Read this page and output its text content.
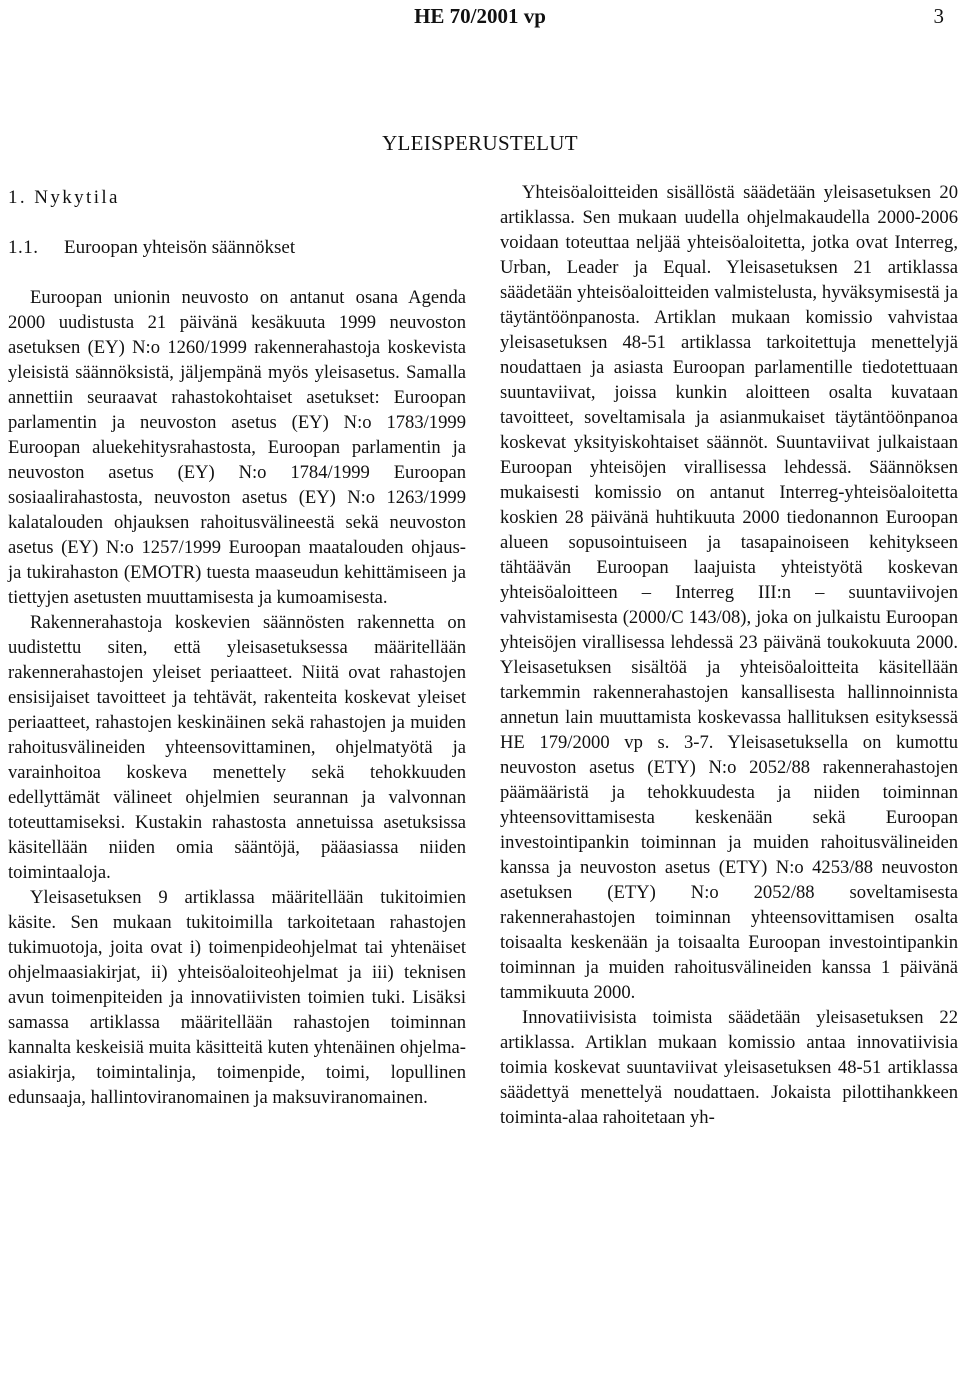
HE 70/2001 vp	3
YLEISPERUSTELUT

1. Nykytila

1.1. Euroopan yhteisön säännökset

Euroopan unionin neuvosto on antanut osana Agenda 2000 uudistusta 21 päivänä kesäkuuta 1999 neuvoston asetuksen (EY) N:o 1260/1999 rakennerahastoja koskevista yleisistä säännöksistä, jäljempänä myös yleisasetus. Samalla annettiin seuraavat rahastokohtaiset asetukset: Euroopan parlamentin ja neuvoston asetus (EY) N:o 1783/1999 Euroopan aluekehitysrahastosta, Euroopan parlamentin ja neuvoston asetus (EY) N:o 1784/1999 Euroopan sosiaalirahastosta, neuvoston asetus (EY) N:o 1263/1999 kalatalouden ohjauksen rahoitusvälineestä sekä neuvoston asetus (EY) N:o 1257/1999 Euroopan maatalouden ohjaus- ja tukirahaston (EMOTR) tuesta maaseudun kehittämiseen ja tiettyjen asetusten muuttamisesta ja kumoamisesta.

Rakennerahastoja koskevien säännösten rakennetta on uudistettu siten, että yleisasetuksessa määritellään rakennerahastojen yleiset periaatteet. Niitä ovat rahastojen ensisijaiset tavoitteet ja tehtävät, rakenteita koskevat yleiset periaatteet, rahastojen keskinäinen sekä rahastojen ja muiden rahoitusvälineiden yhteensovittaminen, ohjelmatyötä ja varainhoitoa koskeva menettely sekä tehokkuuden edellyttämät välineet ohjelmien seurannan ja valvonnan toteuttamiseksi. Kustakin rahastosta annetuissa asetuksissa käsitellään niiden omia sääntöjä, pääasiassa niiden toimintaaloja.

Yleisasetuksen 9 artiklassa määritellään tukitoimien käsite. Sen mukaan tukitoimilla tarkoitetaan rahastojen tukimuotoja, joita ovat i) toimenpideohjelmat tai yhtenäiset ohjelmaasiakirjat, ii) yhteisöaloiteohjelmat ja iii) teknisen avun toimenpiteiden ja innovatiivisten toimien tuki. Lisäksi samassa artiklassa määritellään rahastojen toiminnan kannalta keskeisiä muita käsitteitä kuten yhtenäinen ohjelma-asiakirja, toimintalinja, toimenpide, toimi, lopullinen edunsaaja, hallintoviranomainen ja maksuviranomainen.

Yhteisöaloitteiden sisällöstä säädetään yleisasetuksen 20 artiklassa. Sen mukaan uudella ohjelmakaudella 2000-2006 voidaan toteuttaa neljää yhteisöaloitetta, jotka ovat Interreg, Urban, Leader ja Equal. Yleisasetuksen 21 artiklassa säädetään yhteisöaloitteiden valmistelusta, hyväksymisestä ja täytäntöönpanosta. Artiklan mukaan komissio vahvistaa yleisasetuksen 48-51 artiklassa tarkoitettuja menettelyjä noudattaen ja asiasta Euroopan parlamentille tiedotettuaan suuntaviivat, joissa kunkin aloitteen osalta kuvataan tavoitteet, soveltamisala ja asianmukaiset täytäntöönpanoa koskevat yksityiskohtaiset säännöt. Suuntaviivat julkaistaan Euroopan yhteisöjen virallisessa lehdessä. Säännöksen mukaisesti komissio on antanut Interreg-yhteisöaloitetta koskien 28 päivänä huhtikuuta 2000 tiedonannon Euroopan alueen sopusointuiseen ja tasapainoiseen kehitykseen tähtäävän Euroopan laajuista yhteistyötä koskevan yhteisöaloitteen – Interreg III:n – suuntaviivojen vahvistamisesta (2000/C 143/08), joka on julkaistu Euroopan yhteisöjen virallisessa lehdessä 23 päivänä toukokuuta 2000. Yleisasetuksen sisältöä ja yhteisöaloitteita käsitellään tarkemmin rakennerahastojen kansallisesta hallinnoinnista annetun lain muuttamista koskevassa hallituksen esityksessä HE 179/2000 vp s. 3-7. Yleisasetuksella on kumottu neuvoston asetus (ETY) N:o 2052/88 rakennerahastojen päämääristä ja tehokkuudesta ja niiden toiminnan yhteensovittamisesta keskenään sekä Euroopan investointipankin toiminnan ja muiden rahoitusvälineiden kanssa ja neuvoston asetus (ETY) N:o 4253/88 neuvoston asetuksen (ETY) N:o 2052/88 soveltamisesta rakennerahastojen toiminnan yhteensovittamisen osalta toisaalta keskenään ja toisaalta Euroopan investointipankin toiminnan ja muiden rahoitusvälineiden kanssa 1 päivänä tammikuuta 2000.

Innovatiivisista toimista säädetään yleisasetuksen 22 artiklassa. Artiklan mukaan komissio antaa innovatiivisia toimia koskevat suuntaviivat yleisasetuksen 48-51 artiklassa säädettyä menettelyä noudattaen. Jokaista pilottihankkeen toiminta-alaa rahoitetaan yh-
